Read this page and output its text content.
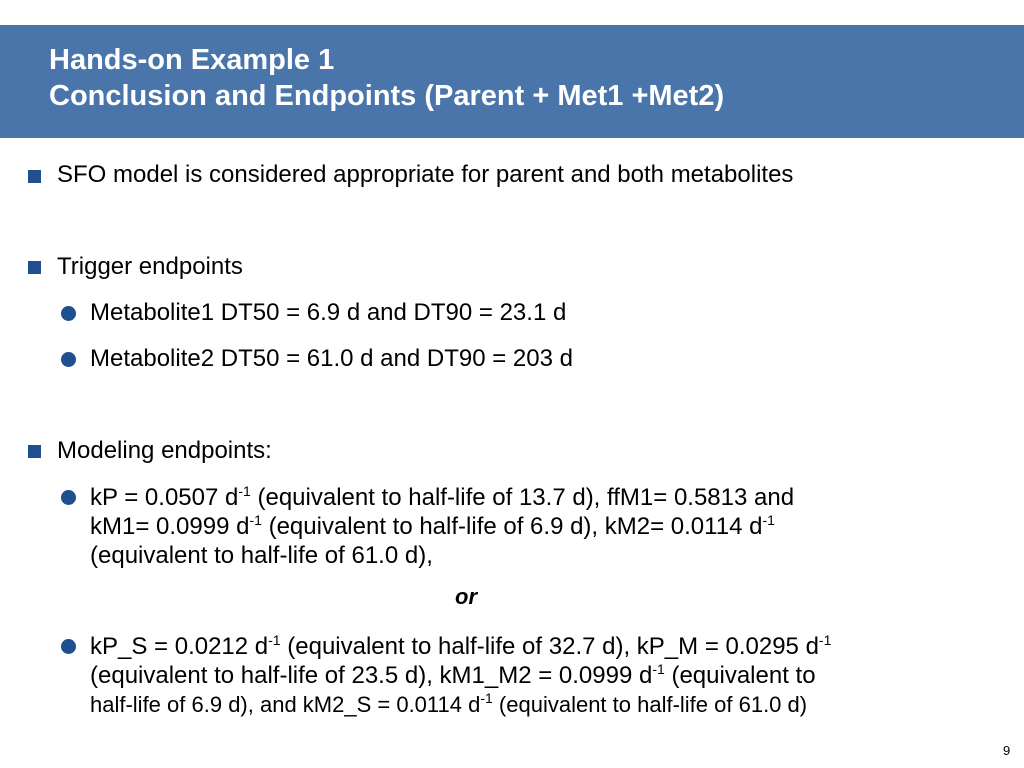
Hands-on Example 1
Conclusion and Endpoints (Parent + Met1 +Met2)
SFO model is considered appropriate for parent and both metabolites
Trigger endpoints
Metabolite1 DT50 = 6.9 d and DT90 = 23.1 d
Metabolite2 DT50 = 61.0 d and DT90 = 203 d
Modeling endpoints:
kP = 0.0507 $d^{-1}$ (equivalent to half-life of 13.7 d), ffM1= 0.5813 and
kM1= 0.0999 $d^{-1}$ (equivalent to half-life of 6.9 d), kM2= 0.0114 $d^{-1}$
(equivalent to half-life of 61.0 d),
or
kP_S = 0.0212 $d^{-1}$ (equivalent to half-life of 32.7 d), kP_M = 0.0295 $d^{-1}$
(equivalent to half-life of 23.5 d), kM1_M2 = 0.0999 $d^{-1}$ (equivalent to
half-life of 6.9 d), and kM2_S = 0.0114 $d^{-1}$ (equivalent to half-life of 61.0 d)
9
